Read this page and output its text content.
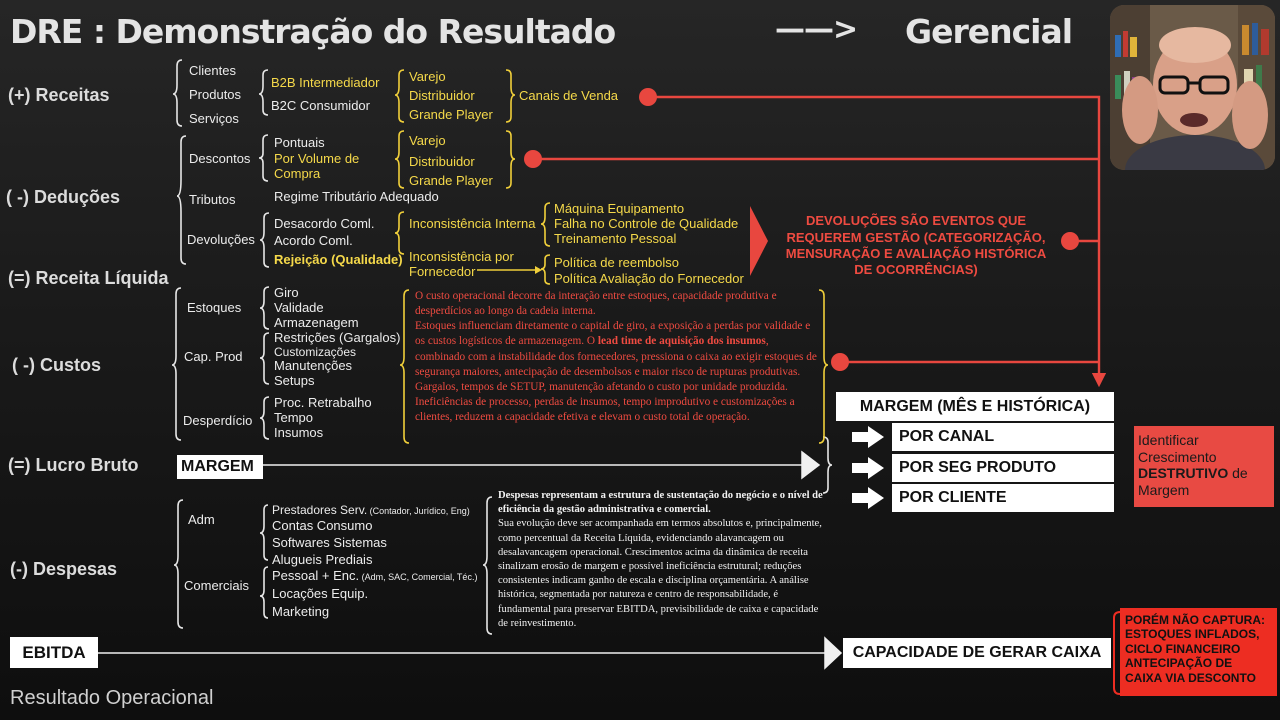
DRE : Demonstração do Resultado	——> Gerencial
(+) Receitas
( -) Deduções
(=) Receita Líquida
( -) Custos
(=) Lucro Bruto
(-) Despesas
EBITDA
Resultado Operacional
Clientes
Produtos
Serviços
B2B Intermediador
B2C Consumidor
Varejo
Distribuidor
Grande Player
Canais de Venda
Descontos
Pontuais
Por Volume de
Compra
Varejo
Distribuidor
Grande Player
Tributos	Regime Tributário Adequado
Devoluções
Desacordo Coml.
Acordo Coml.
Rejeição (Qualidade)
Inconsistência Interna
Máquina Equipamento
Falha no Controle de Qualidade
Treinamento Pessoal
Inconsistência por
Fornecedor
Política de reembolso
Política Avaliação do Fornecedor
DEVOLUÇÕES SÃO EVENTOS QUE
REQUEREM GESTÃO (CATEGORIZAÇÃO,
MENSURAÇÃO E AVALIAÇÃO HISTÓRICA
DE OCORRÊNCIAS)
Estoques
Giro
Validade
Armazenagem
Cap. Prod
Restrições (Gargalos)
Customizações
Manutenções
Setups
Desperdício
Proc. Retrabalho
Tempo
Insumos
O custo operacional decorre da interação entre estoques, capacidade produtiva e desperdícios ao longo da cadeia interna.
Estoques influenciam diretamente o capital de giro, a exposição a perdas por validade e os custos logísticos de armazenagem. O lead time de aquisição dos insumos, combinado com a instabilidade dos fornecedores, pressiona o caixa ao exigir estoques de segurança maiores, antecipação de desembolsos e maior risco de rupturas produtivas. Gargalos, tempos de SETUP, manutenção afetando o custo por unidade produzida. Ineficiências de processo, perdas de insumos, tempo improdutivo e customizações a clientes, reduzem a capacidade efetiva e elevam o custo total de operação.
MARGEM
MARGEM (MÊS E HISTÓRICA)
POR CANAL
POR SEG PRODUTO
POR CLIENTE
Identificar
Crescimento
DESTRUTIVO de
Margem
Adm
Prestadores Serv. (Contador, Jurídico, Eng)
Contas Consumo
Softwares Sistemas
Alugueis Prediais
Comerciais
Pessoal + Enc. (Adm, SAC, Comercial, Téc.)
Locações Equip.
Marketing
Despesas representam a estrutura de sustentação do negócio e o nível de eficiência da gestão administrativa e comercial.
Sua evolução deve ser acompanhada em termos absolutos e, principalmente, como percentual da Receita Líquida, evidenciando alavancagem ou desalavancagem operacional. Crescimentos acima da dinâmica de receita sinalizam erosão de margem e possível ineficiência estrutural; reduções consistentes indicam ganho de escala e disciplina orçamentária. A análise histórica, segmentada por natureza e centro de responsabilidade, é fundamental para preservar EBITDA, previsibilidade de caixa e capacidade de reinvestimento.
CAPACIDADE DE GERAR CAIXA
PORÉM NÃO CAPTURA:
ESTOQUES INFLADOS,
CICLO FINANCEIRO
ANTECIPAÇÃO DE
CAIXA VIA DESCONTO
